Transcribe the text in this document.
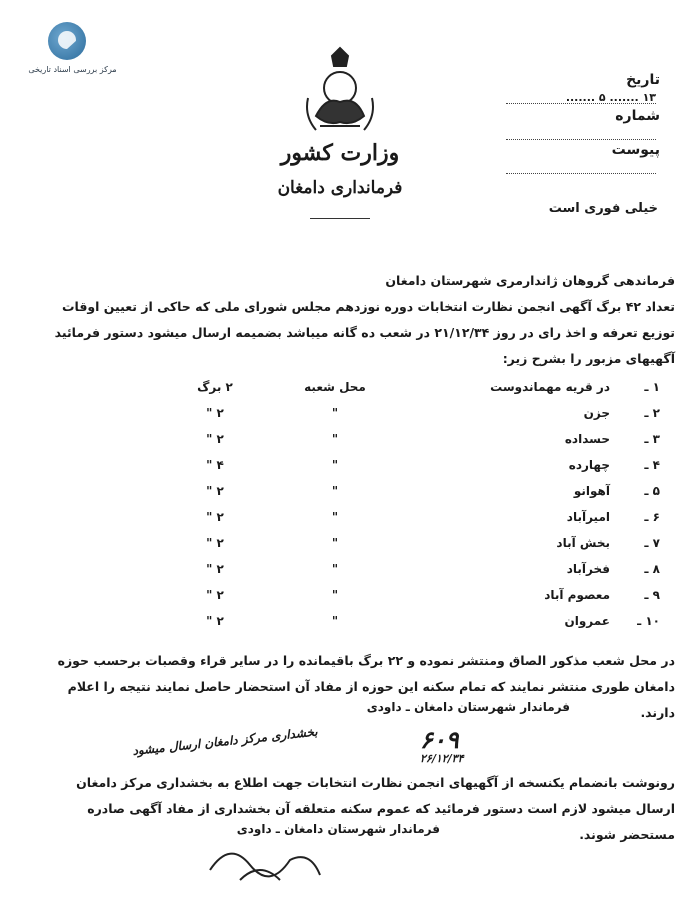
مرکز بررسی اسناد تاریخی
وزارت کشور
فرمانداری دامغان
تاریخ ۱۳ ....... ۵ .......
شماره
پیوست
خیلی فوری است
فرماندهی گروهان ژاندارمری شهرستان دامغان
تعداد ۴۲ برگ آگهی انجمن نظارت انتخابات دوره نوزدهم مجلس شورای ملی که حاکی از تعیین اوقات توزیع تعرفه و اخذ رای در روز ۲۱/۱۲/۳۴ در شعب ده گانه میباشد بضمیمه ارسال میشود دستور فرمائید آگهیهای مزبور را بشرح زیر:
در قریه مهماندوست	۱ ـ
محل شعبه
۲ برگ
۲ ـ
جزن
"
۲ "
۳ ـ
حسداده
"
۲ "
۴ ـ
چهارده
"
۴ "
۵ ـ
آهوانو
"
۲ "
۶ ـ
امیرآباد
"
۲ "
۷ ـ
بخش آباد
"
۲ "
۸ ـ
فخرآباد
"
۲ "
۹ ـ
معصوم آباد
"
۲ "
۱۰ ـ
عمروان
"
۲ "
در محل شعب مذکور الصاق ومنتشر نموده و ۲۲ برگ باقیمانده را در سایر قراء وقصبات برحسب حوزه دامغان طوری منتشر نمایند که تمام سکنه این حوزه از مفاد آن استحضار حاصل نمایند نتیجه را اعلام دارند.
فرماندار شهرستان دامغان ـ داودی
۶۰۹
۲۶/۱۲/۳۴
بخشداری مرکز دامغان ارسال میشود
رونوشت بانضمام یکنسخه از آگهیهای انجمن نظارت انتخابات جهت اطلاع به بخشداری مرکز دامغان ارسال میشود لازم است دستور فرمائید که عموم سکنه متعلقه آن بخشداری از مفاد آگهی صادره مستحضر شوند.
فرماندار شهرستان دامغان ـ داودی
